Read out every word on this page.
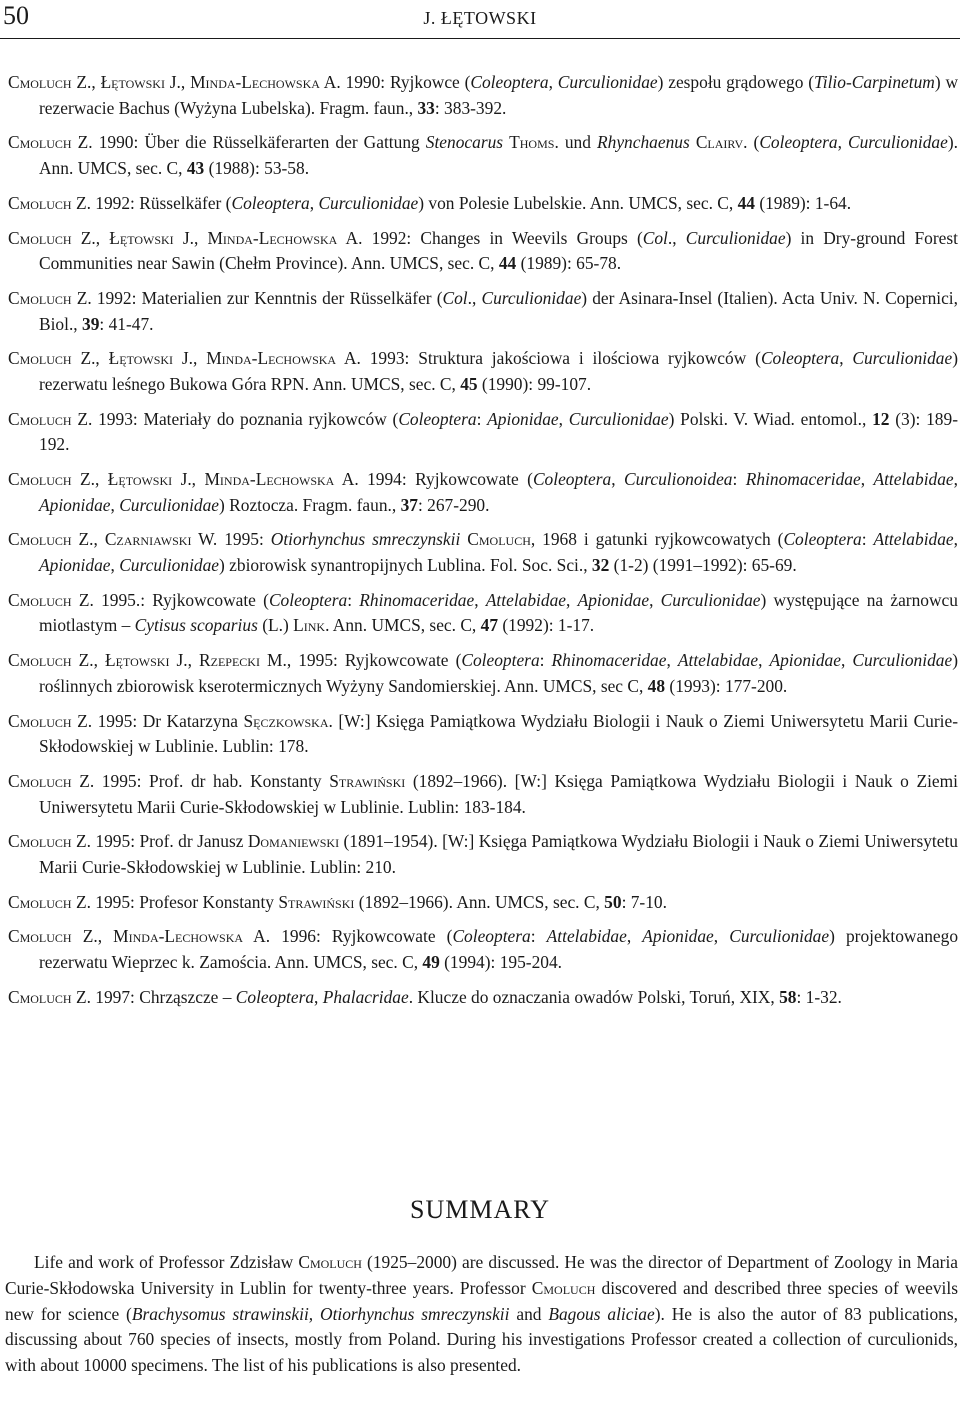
50	J. ŁĘTOWSKI
Cmoluch Z., Łętowski J., Minda-Lechowska A. 1990: Ryjkowce (Coleoptera, Curculionidae) zespołu grądowego (Tilio-Carpinetum) w rezerwacie Bachus (Wyżyna Lubelska). Fragm. faun., 33: 383-392.
Cmoluch Z. 1990: Über die Rüsselkäferarten der Gattung Stenocarus Thoms. und Rhynchaenus Clairv. (Coleoptera, Curculionidae). Ann. UMCS, sec. C, 43 (1988): 53-58.
Cmoluch Z. 1992: Rüsselkäfer (Coleoptera, Curculionidae) von Polesie Lubelskie. Ann. UMCS, sec. C, 44 (1989): 1-64.
Cmoluch Z., Łętowski J., Minda-Lechowska A. 1992: Changes in Weevils Groups (Col., Curculionidae) in Dry-ground Forest Communities near Sawin (Chełm Province). Ann. UMCS, sec. C, 44 (1989): 65-78.
Cmoluch Z. 1992: Materialien zur Kenntnis der Rüsselkäfer (Col., Curculionidae) der Asinara-Insel (Italien). Acta Univ. N. Copernici, Biol., 39: 41-47.
Cmoluch Z., Łętowski J., Minda-Lechowska A. 1993: Struktura jakościowa i ilościowa ryjkowców (Coleoptera, Curculionidae) rezerwatu leśnego Bukowa Góra RPN. Ann. UMCS, sec. C, 45 (1990): 99-107.
Cmoluch Z. 1993: Materiały do poznania ryjkowców (Coleoptera: Apionidae, Curculionidae) Polski. V. Wiad. entomol., 12 (3): 189-192.
Cmoluch Z., Łętowski J., Minda-Lechowska A. 1994: Ryjkowcowate (Coleoptera, Curculionoidea: Rhinomaceridae, Attelabidae, Apionidae, Curculionidae) Roztocza. Fragm. faun., 37: 267-290.
Cmoluch Z., Czarniawski W. 1995: Otiorhynchus smreczynskii Cmoluch, 1968 i gatunki ryjkowcowatych (Coleoptera: Attelabidae, Apionidae, Curculionidae) zbiorowisk synantropijnych Lublina. Fol. Soc. Sci., 32 (1-2) (1991–1992): 65-69.
Cmoluch Z. 1995.: Ryjkowcowate (Coleoptera: Rhinomaceridae, Attelabidae, Apionidae, Curculionidae) występujące na żarnowcu miotlastym – Cytisus scoparius (L.) Link. Ann. UMCS, sec. C, 47 (1992): 1-17.
Cmoluch Z., Łętowski J., Rzepecki M., 1995: Ryjkowcowate (Coleoptera: Rhinomaceridae, Attelabidae, Apionidae, Curculionidae) roślinnych zbiorowisk kserotermicznych Wyżyny Sandomierskiej. Ann. UMCS, sec C, 48 (1993): 177-200.
Cmoluch Z. 1995: Dr Katarzyna Sęczkowska. [W:] Księga Pamiątkowa Wydziału Biologii i Nauk o Ziemi Uniwersytetu Marii Curie-Skłodowskiej w Lublinie. Lublin: 178.
Cmoluch Z. 1995: Prof. dr hab. Konstanty Strawiński (1892–1966). [W:] Księga Pamiątkowa Wydziału Biologii i Nauk o Ziemi Uniwersytetu Marii Curie-Skłodowskiej w Lublinie. Lublin: 183-184.
Cmoluch Z. 1995: Prof. dr Janusz Domaniewski (1891–1954). [W:] Księga Pamiątkowa Wydziału Biologii i Nauk o Ziemi Uniwersytetu Marii Curie-Skłodowskiej w Lublinie. Lublin: 210.
Cmoluch Z. 1995: Profesor Konstanty Strawiński (1892–1966). Ann. UMCS, sec. C, 50: 7-10.
Cmoluch Z., Minda-Lechowska A. 1996: Ryjkowcowate (Coleoptera: Attelabidae, Apionidae, Curculionidae) projektowanego rezerwatu Wieprzec k. Zamościa. Ann. UMCS, sec. C, 49 (1994): 195-204.
Cmoluch Z. 1997: Chrząszcze – Coleoptera, Phalacridae. Klucze do oznaczania owadów Polski, Toruń, XIX, 58: 1-32.
SUMMARY

Life and work of Professor Zdzisław Cmoluch (1925–2000) are discussed. He was the director of Department of Zoology in Maria Curie-Skłodowska University in Lublin for twenty-three years. Professor Cmoluch discovered and described three species of weevils new for science (Brachysomus strawinskii, Otiorhynchus smreczynskii and Bagous aliciae). He is also the autor of 83 publications, discussing about 760 species of insects, mostly from Poland. During his investigations Professor created a collection of curculionids, with about 10000 specimens. The list of his publications is also presented.
